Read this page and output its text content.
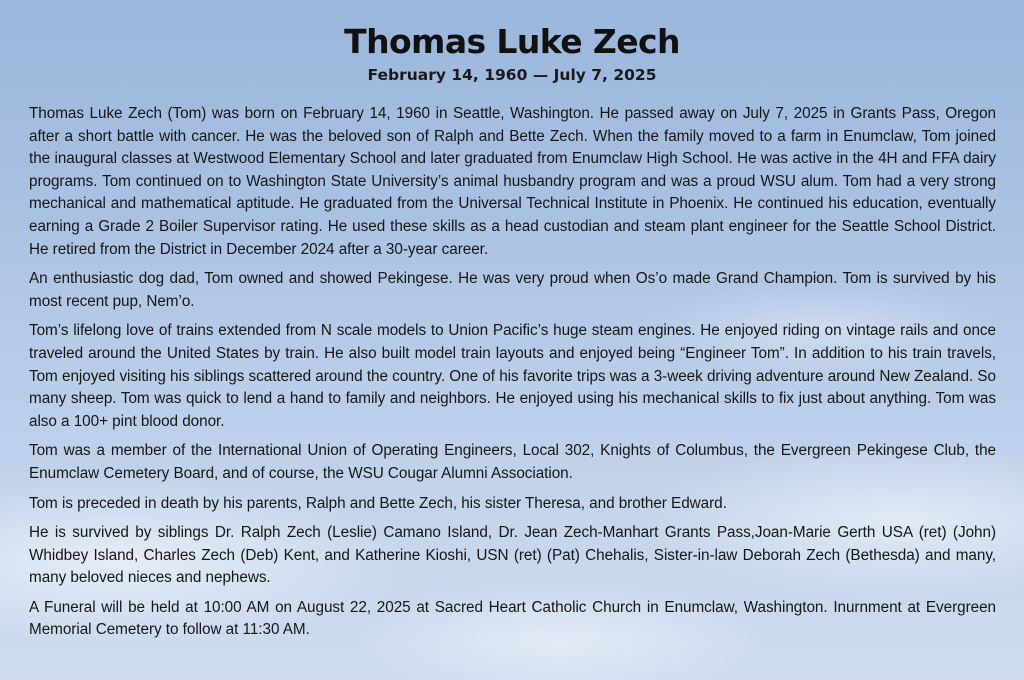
Thomas Luke Zech
February 14, 1960 — July 7, 2025

Thomas Luke Zech (Tom) was born on February 14, 1960 in Seattle, Washington. He passed away on July 7, 2025 in Grants Pass, Oregon after a short battle with cancer. He was the beloved son of Ralph and Bette Zech. When the family moved to a farm in Enumclaw, Tom joined the inaugural classes at Westwood Elementary School and later graduated from Enumclaw High School. He was active in the 4H and FFA dairy programs. Tom continued on to Washington State University’s animal husbandry program and was a proud WSU alum. Tom had a very strong mechanical and mathematical aptitude. He graduated from the Universal Technical Institute in Phoenix. He continued his education, eventually earning a Grade 2 Boiler Supervisor rating. He used these skills as a head custodian and steam plant engineer for the Seattle School District. He retired from the District in December 2024 after a 30-year career.

An enthusiastic dog dad, Tom owned and showed Pekingese. He was very proud when Os’o made Grand Champion. Tom is survived by his most recent pup, Nem’o.

Tom’s lifelong love of trains extended from N scale models to Union Pacific’s huge steam engines. He enjoyed riding on vintage rails and once traveled around the United States by train. He also built model train layouts and enjoyed being “Engineer Tom”. In addition to his train travels, Tom enjoyed visiting his siblings scattered around the country. One of his favorite trips was a 3-week driving adventure around New Zealand. So many sheep. Tom was quick to lend a hand to family and neighbors. He enjoyed using his mechanical skills to fix just about anything. Tom was also a 100+ pint blood donor.

Tom was a member of the International Union of Operating Engineers, Local 302, Knights of Columbus, the Evergreen Pekingese Club, the Enumclaw Cemetery Board, and of course, the WSU Cougar Alumni Association.

Tom is preceded in death by his parents, Ralph and Bette Zech, his sister Theresa, and brother Edward.

He is survived by siblings Dr. Ralph Zech (Leslie) Camano Island, Dr. Jean Zech-Manhart Grants Pass,Joan-Marie Gerth USA (ret) (John) Whidbey Island, Charles Zech (Deb) Kent, and Katherine Kioshi, USN (ret) (Pat) Chehalis, Sister-in-law Deborah Zech (Bethesda) and many, many beloved nieces and nephews.

A Funeral will be held at 10:00 AM on August 22, 2025 at Sacred Heart Catholic Church in Enumclaw, Washington. Inurnment at Evergreen Memorial Cemetery to follow at 11:30 AM.
